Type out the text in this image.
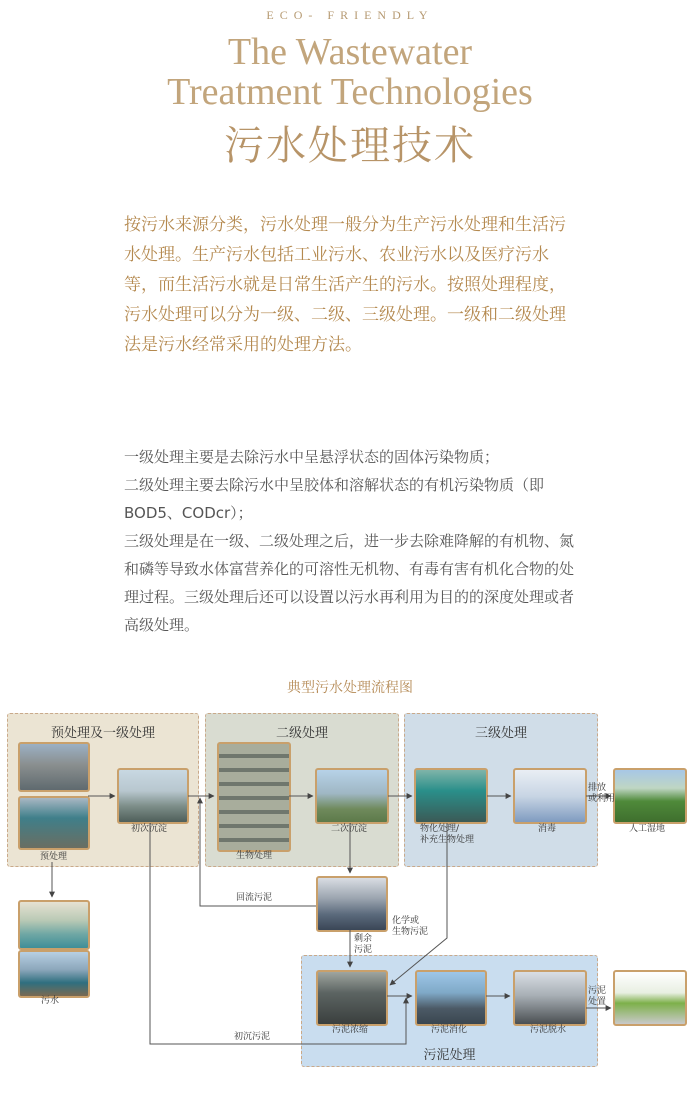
ECO- FRIENDLY
The Wastewater
Treatment Technologies
污水处理技术

按污水来源分类，污水处理一般分为生产污水处理和生活污水处理。生产污水包括工业污水、农业污水以及医疗污水等，而生活污水就是日常生活产生的污水。按照处理程度，污水处理可以分为一级、二级、三级处理。一级和二级处理法是污水经常采用的处理方法。

一级处理主要是去除污水中呈悬浮状态的固体污染物质；

二级处理主要去除污水中呈胶体和溶解状态的有机污染物质（即BOD5、CODcr）；

三级处理是在一级、二级处理之后，进一步去除难降解的有机物、氮和磷等导致水体富营养化的可溶性无机物、有毒有害有机化合物的处理过程。三级处理后还可以设置以污水再利用为目的的深度处理或者高级处理。

典型污水处理流程图
预处理及一级处理	二级处理	三级处理
污泥处理
预处理
初次沉淀
生物处理
二次沉淀	物化处理/
补充生物处理
消毒
排放
或利用
人工湿地
污水
回流污泥
剩余
污泥
化学或
生物污泥
初沉污泥
污泥浓缩	污泥消化	污泥脱水
污泥
处置
